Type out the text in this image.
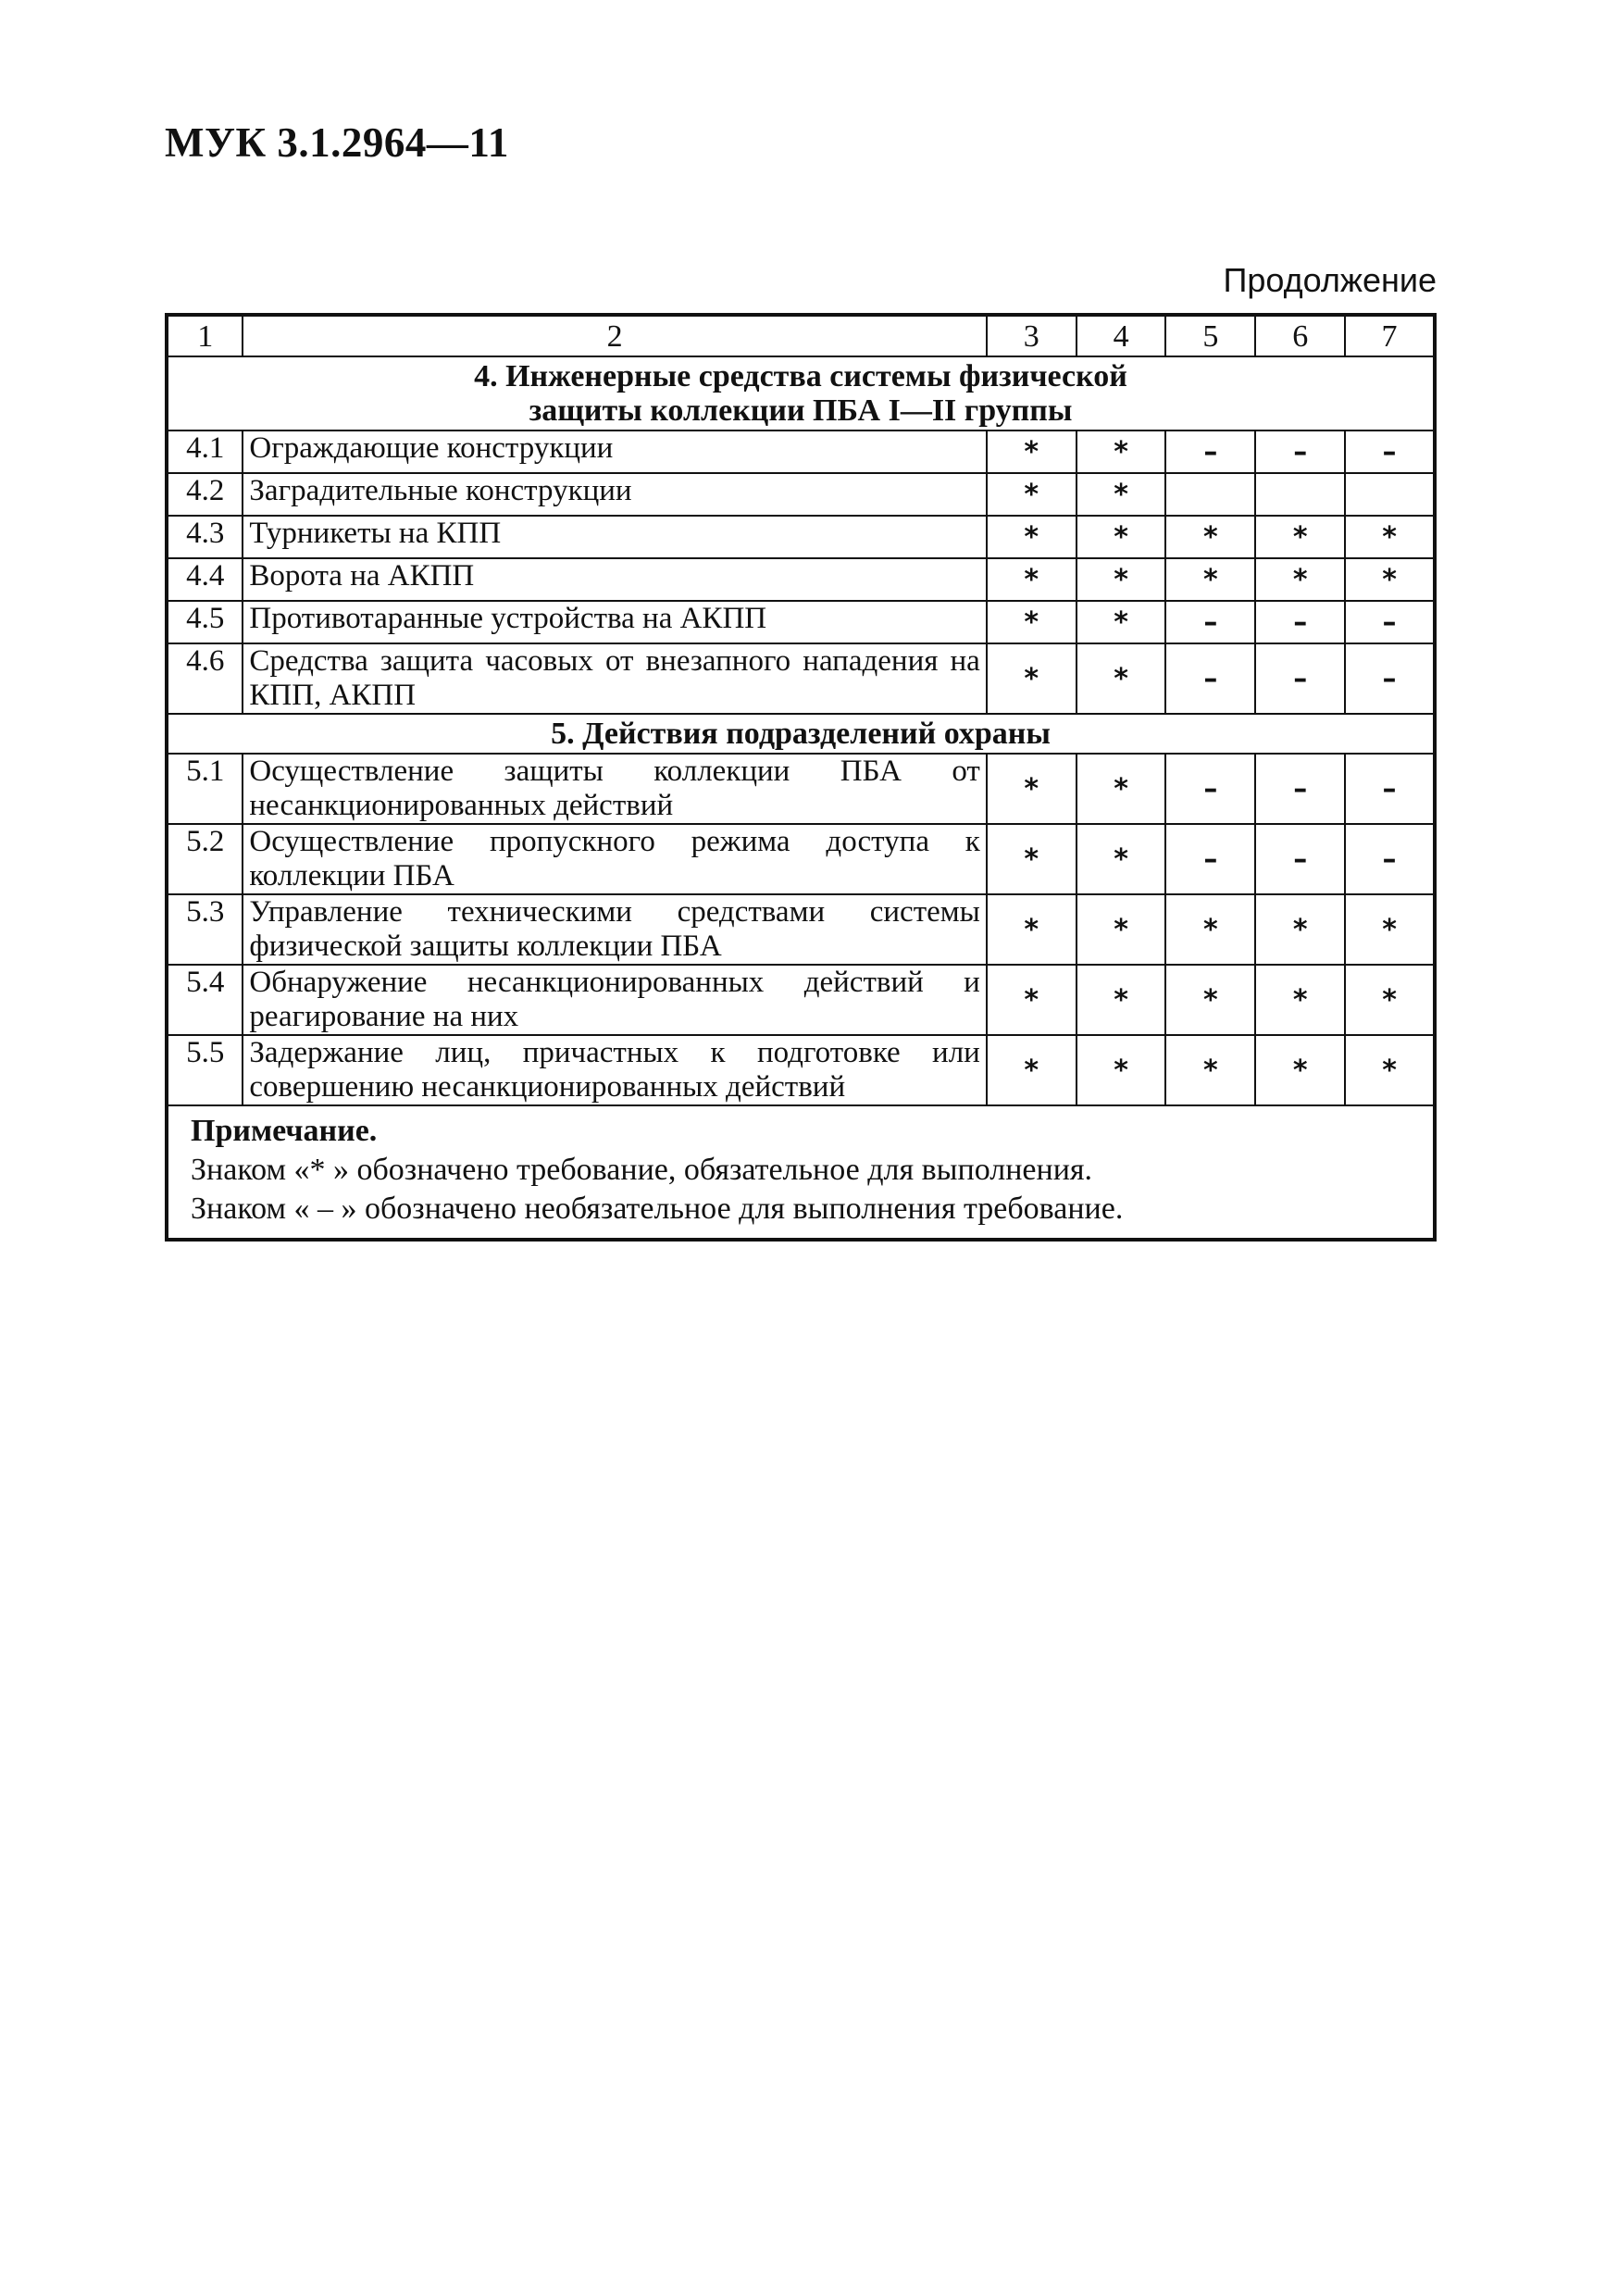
МУК 3.1.2964—11
Продолжение
1	2	3	4	5	6	7

4. Инженерные средства системы физической
защиты коллекции ПБА I—II группы						

4.1	Ограждающие конструкции	*	*	–	–	–
4.2	Заградительные конструкции	*	*			
4.3	Турникеты на КПП	*	*	*	*	*
4.4	Ворота на АКПП	*	*	*	*	*
4.5	Противотаранные устройства на АКПП	*	*	–	–	–
4.6	Средства защита часовых от внезапного нападения на КПП, АКПП	*	*	–	–	–

5. Действия подразделений охраны						

5.1	Осуществление защиты коллекции ПБА от несанкционированных действий	*	*	–	–	–
5.2	Осуществление пропускного режима доступа к коллекции ПБА	*	*	–	–	–
5.3	Управление техническими средствами системы физической защиты коллекции ПБА	*	*	*	*	*
5.4	Обнаружение несанкционированных действий и реагирование на них	*	*	*	*	*
5.5	Задержание лиц, причастных к подготовке или совершению несанкционированных действий	*	*	*	*	*

Примечание.
Знаком «* » обозначено требование, обязательное для выполнения.
Знаком « – » обозначено необязательное для выполнения требование.						
